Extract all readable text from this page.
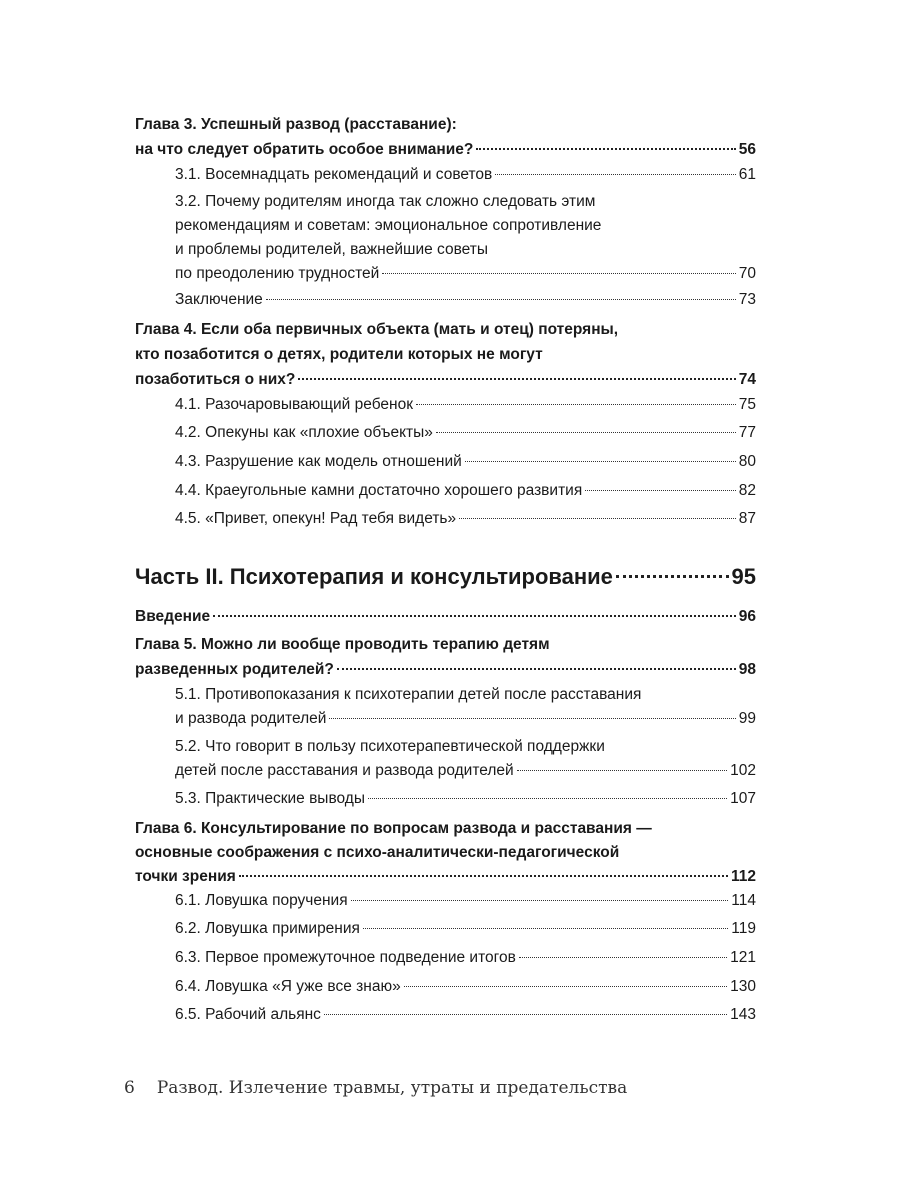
Глава 3. Успешный развод (расставание):
на что следует обратить особое внимание?	56
3.1. Восемнадцать рекомендаций и советов	61
3.2. Почему родителям иногда так сложно следовать этим
рекомендациям и советам: эмоциональное сопротивление
и проблемы родителей, важнейшие советы
по преодолению трудностей	70
Заключение	73
Глава 4. Если оба первичных объекта (мать и отец) потеряны,
кто позаботится о детях, родители которых не могут
позаботиться о них?	74
4.1. Разочаровывающий ребенок	75
4.2. Опекуны как «плохие объекты»	77
4.3. Разрушение как модель отношений	80
4.4. Краеугольные камни достаточно хорошего развития	82
4.5. «Привет, опекун! Рад тебя видеть»	87
Часть II. Психотерапия и консультирование	95
Введение	96
Глава 5. Можно ли вообще проводить терапию детям
разведенных родителей?	98
5.1. Противопоказания к психотерапии детей после расставания
и развода родителей	99
5.2. Что говорит в пользу психотерапевтической поддержки
детей после расставания и развода родителей	102
5.3. Практические выводы	107
Глава 6. Консультирование по вопросам развода и расставания —
основные соображения с психо-аналитически-педагогической
точки зрения	112
6.1. Ловушка поручения	114
6.2. Ловушка примирения	119
6.3. Первое промежуточное подведение итогов	121
6.4. Ловушка «Я уже все знаю»	130
6.5. Рабочий альянс	143
6 Развод. Излечение травмы, утраты и предательства
